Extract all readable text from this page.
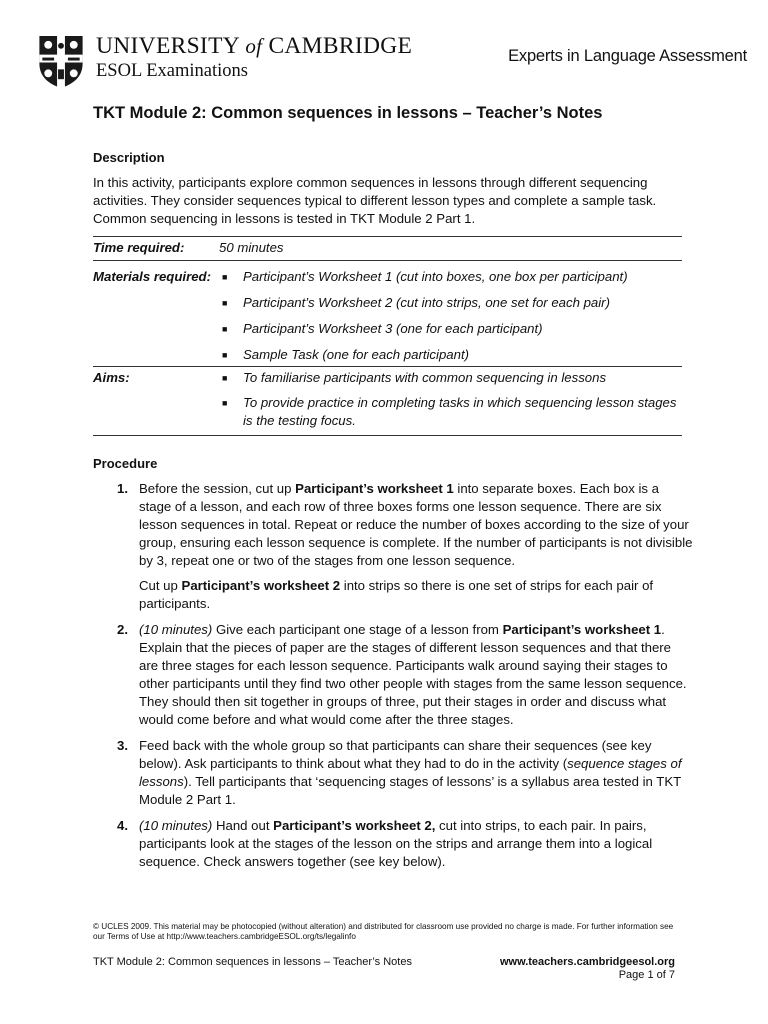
UNIVERSITY of CAMBRIDGE
ESOL Examinations
Experts in Language Assessment
TKT Module 2: Common sequences in lessons – Teacher’s Notes
Description

In this activity, participants explore common sequences in lessons through different sequencing activities. They consider sequences typical to different lesson types and complete a sample task. Common sequencing in lessons is tested in TKT Module 2 Part 1.

Time required:	50 minutes
Materials required:	■	Participant’s Worksheet 1 (cut into boxes, one box per participant)
■	Participant’s Worksheet 2 (cut into strips, one set for each pair)
■	Participant’s Worksheet 3 (one for each participant)
■	Sample Task (one for each participant)
Aims:	■	To familiarise participants with common sequencing in lessons
■	To provide practice in completing tasks in which sequencing lesson stages is the testing focus.
Procedure
1. Before the session, cut up Participant’s worksheet 1 into separate boxes. Each box is a stage of a lesson, and each row of three boxes forms one lesson sequence. There are six lesson sequences in total. Repeat or reduce the number of boxes according to the size of your group, ensuring each lesson sequence is complete. If the number of participants is not divisible by 3, repeat one or two of the stages from one lesson sequence.

Cut up Participant’s worksheet 2 into strips so there is one set of strips for each pair of participants.

2. (10 minutes) Give each participant one stage of a lesson from Participant’s worksheet 1. Explain that the pieces of paper are the stages of different lesson sequences and that there are three stages for each lesson sequence. Participants walk around saying their stages to other participants until they find two other people with stages from the same lesson sequence. They should then sit together in groups of three, put their stages in order and discuss what would come before and what would come after the three stages.

3. Feed back with the whole group so that participants can share their sequences (see key below). Ask participants to think about what they had to do in the activity (sequence stages of lessons). Tell participants that ‘sequencing stages of lessons’ is a syllabus area tested in TKT Module 2 Part 1.

4. (10 minutes) Hand out Participant’s worksheet 2, cut into strips, to each pair. In pairs, participants look at the stages of the lesson on the strips and arrange them into a logical sequence. Check answers together (see key below).

© UCLES 2009. This material may be photocopied (without alteration) and distributed for classroom use provided no charge is made. For further information see our Terms of Use at http://www.teachers.cambridgeESOL.org/ts/legalinfo
TKT Module 2: Common sequences in lessons – Teacher’s Notes	www.teachers.cambridgeesol.org
Page 1 of 7
